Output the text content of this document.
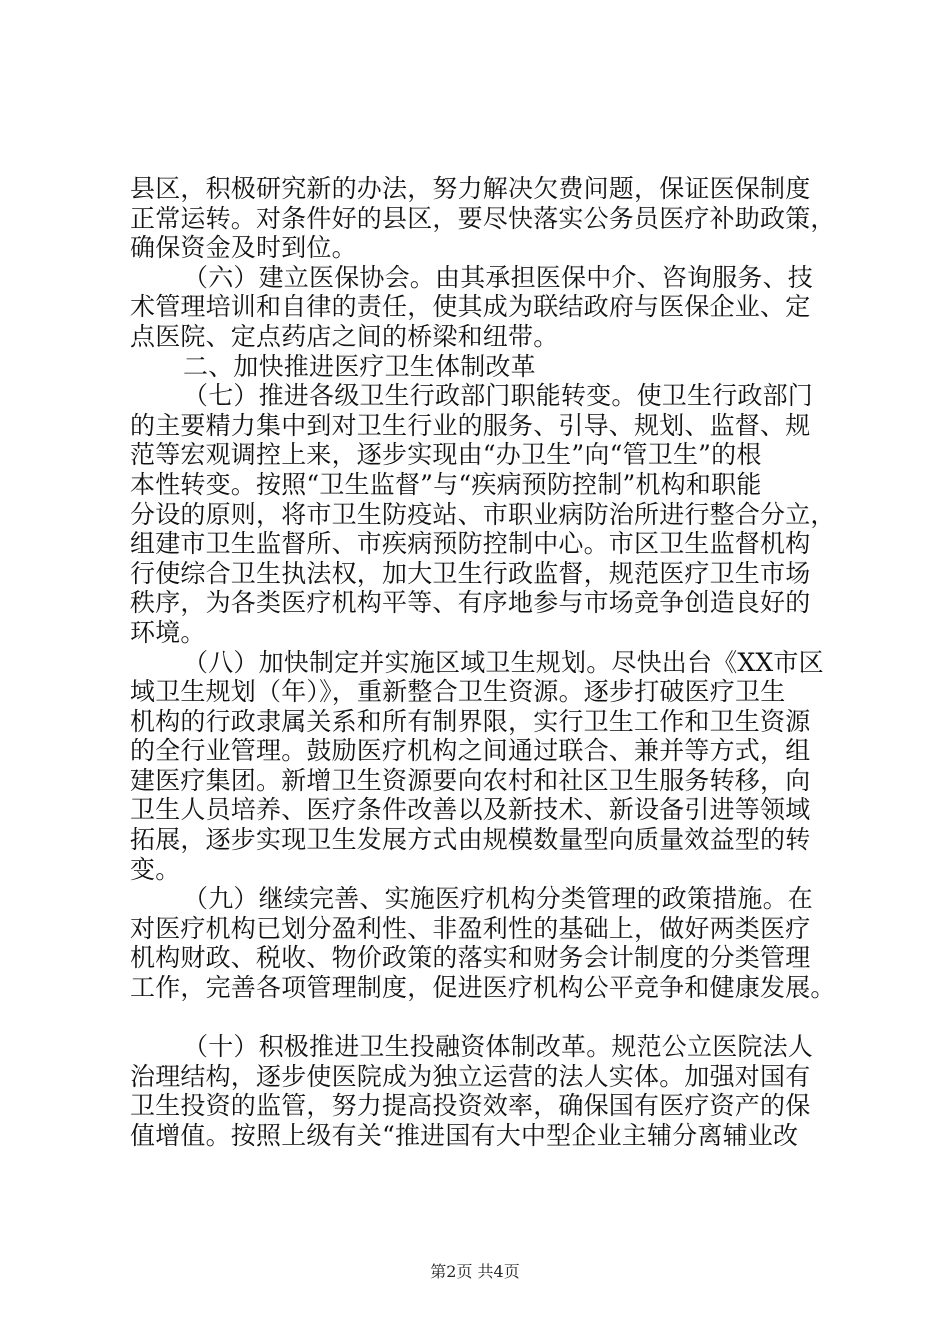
县区，积极研究新的办法，努力解决欠费问题，保证医保制度
正常运转。对条件好的县区，要尽快落实公务员医疗补助政策，
确保资金及时到位。
（六）建立医保协会。由其承担医保中介、咨询服务、技
术管理培训和自律的责任，使其成为联结政府与医保企业、定
点医院、定点药店之间的桥梁和纽带。
二、加快推进医疗卫生体制改革
（七）推进各级卫生行政部门职能转变。使卫生行政部门
的主要精力集中到对卫生行业的服务、引导、规划、监督、规
范等宏观调控上来，逐步实现由“办卫生”向“管卫生”的根
本性转变。按照“卫生监督”与“疾病预防控制”机构和职能
分设的原则，将市卫生防疫站、市职业病防治所进行整合分立，
组建市卫生监督所、市疾病预防控制中心。市区卫生监督机构
行使综合卫生执法权，加大卫生行政监督，规范医疗卫生市场
秩序，为各类医疗机构平等、有序地参与市场竞争创造良好的
环境。
（八）加快制定并实施区域卫生规划。尽快出台《XX市区
域卫生规划（年）》，重新整合卫生资源。逐步打破医疗卫生
机构的行政隶属关系和所有制界限，实行卫生工作和卫生资源
的全行业管理。鼓励医疗机构之间通过联合、兼并等方式，组
建医疗集团。新增卫生资源要向农村和社区卫生服务转移，向
卫生人员培养、医疗条件改善以及新技术、新设备引进等领域
拓展，逐步实现卫生发展方式由规模数量型向质量效益型的转
变。
（九）继续完善、实施医疗机构分类管理的政策措施。在
对医疗机构已划分盈利性、非盈利性的基础上，做好两类医疗
机构财政、税收、物价政策的落实和财务会计制度的分类管理
工作，完善各项管理制度，促进医疗机构公平竞争和健康发展。
（十）积极推进卫生投融资体制改革。规范公立医院法人
治理结构，逐步使医院成为独立运营的法人实体。加强对国有
卫生投资的监管，努力提高投资效率，确保国有医疗资产的保
值增值。按照上级有关“推进国有大中型企业主辅分离辅业改
第2页 共4页
